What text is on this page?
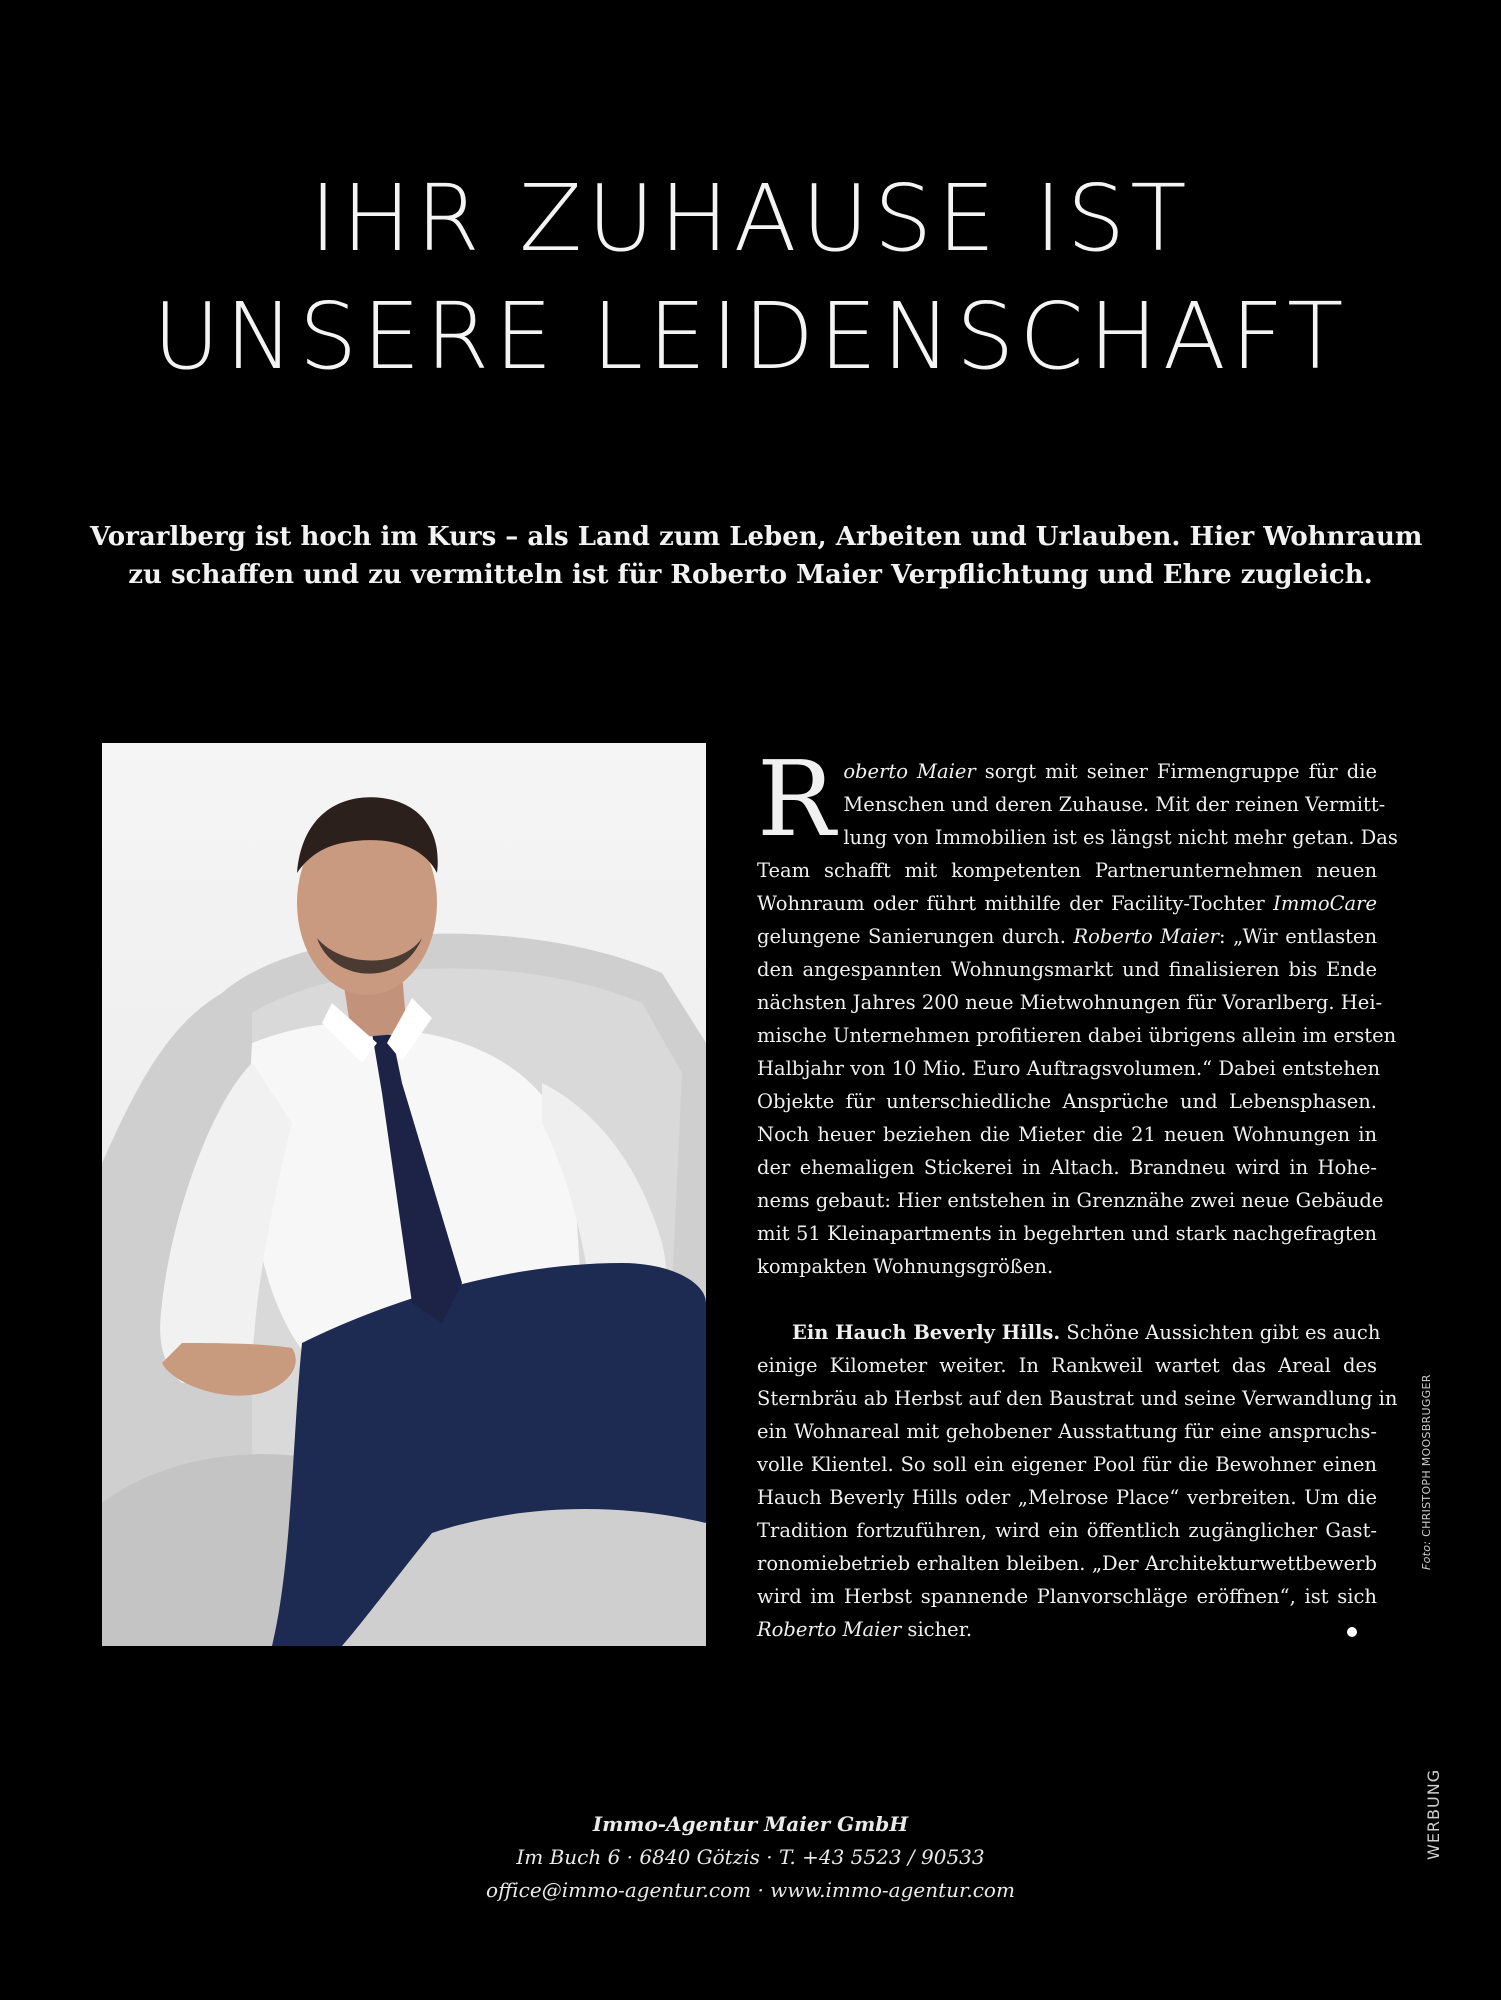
IHR ZUHAUSE IST
UNSERE LEIDENSCHAFT

Vorarlberg ist hoch im Kurs – als Land zum Leben, Arbeiten und Urlauben. Hier Wohnraum
zu schaffen und zu vermitteln ist für Roberto Maier Verpflichtung und Ehre zugleich.

R oberto Maier sorgt mit seiner Firmengruppe für die
Menschen und deren Zuhause. Mit der reinen Vermitt-
lung von Immobilien ist es längst nicht mehr getan. Das
Team schafft mit kompetenten Partnerunternehmen neuen
Wohnraum oder führt mithilfe der Facility-Tochter ImmoCare
gelungene Sanierungen durch. Roberto Maier: „Wir entlasten
den angespannten Wohnungsmarkt und finalisieren bis Ende
nächsten Jahres 200 neue Mietwohnungen für Vorarlberg. Hei-
mische Unternehmen profitieren dabei übrigens allein im ersten
Halbjahr von 10 Mio. Euro Auftragsvolumen.“ Dabei entstehen
Objekte für unterschiedliche Ansprüche und Lebensphasen.
Noch heuer beziehen die Mieter die 21 neuen Wohnungen in
der ehemaligen Stickerei in Altach. Brandneu wird in Hohe-
nems gebaut: Hier entstehen in Grenznähe zwei neue Gebäude
mit 51 Kleinapartments in begehrten und stark nachgefragten
kompakten Wohnungsgrößen.

Ein Hauch Beverly Hills. Schöne Aussichten gibt es auch
einige Kilometer weiter. In Rankweil wartet das Areal des
Sternbräu ab Herbst auf den Baustrat und seine Verwandlung in
ein Wohnareal mit gehobener Ausstattung für eine anspruchs-
volle Klientel. So soll ein eigener Pool für die Bewohner einen
Hauch Beverly Hills oder „Melrose Place“ verbreiten. Um die
Tradition fortzuführen, wird ein öffentlich zugänglicher Gast-
ronomiebetrieb erhalten bleiben. „Der Architekturwettbewerb
wird im Herbst spannende Planvorschläge eröffnen“, ist sich
Roberto Maier sicher.

Foto: CHRISTOPH MOOSBRUGGER
WERBUNG
Immo-Agentur Maier GmbH
Im Buch 6 · 6840 Götzis · T. +43 5523 / 90533
office@immo-agentur.com · www.immo-agentur.com
